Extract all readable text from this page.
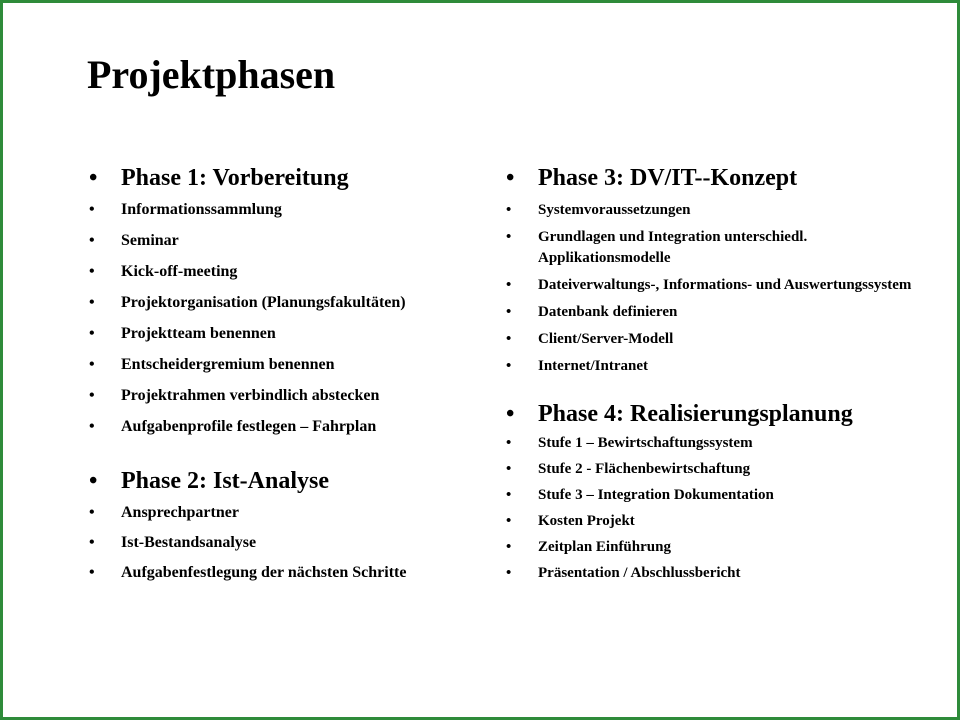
Projektphasen
• Phase 1: Vorbereitung
• Informationssammlung
• Seminar
• Kick-off-meeting
• Projektorganisation (Planungsfakultäten)
• Projektteam benennen
• Entscheidergremium benennen
• Projektrahmen verbindlich abstecken
• Aufgabenprofile festlegen – Fahrplan
• Phase 2: Ist-Analyse
• Ansprechpartner
• Ist-Bestandsanalyse
• Aufgabenfestlegung der nächsten Schritte
• Phase 3: DV/IT--Konzept
• Systemvoraussetzungen
• Grundlagen und Integration unterschiedl. Applikationsmodelle
• Dateiverwaltungs-, Informations- und Auswertungssystem
• Datenbank definieren
• Client/Server-Modell
• Internet/Intranet
• Phase 4: Realisierungsplanung
• Stufe 1 – Bewirtschaftungssystem
• Stufe 2 - Flächenbewirtschaftung
• Stufe 3 – Integration Dokumentation
• Kosten Projekt
• Zeitplan Einführung
• Präsentation / Abschlussbericht
